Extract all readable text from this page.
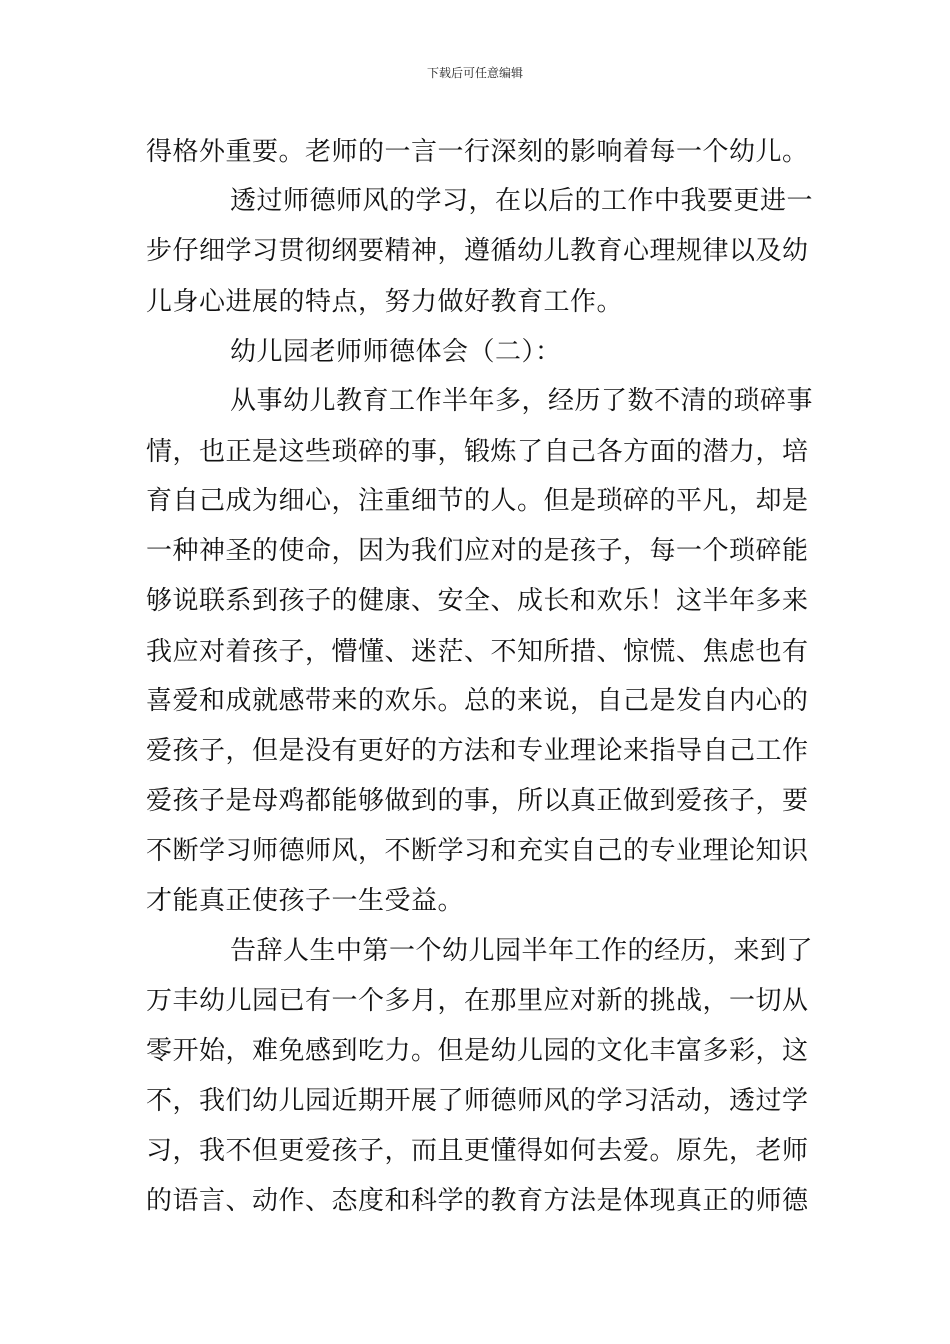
下载后可任意编辑
得格外重要。老师的一言一行深刻的影响着每一个幼儿。
透过师德师风的学习，在以后的工作中我要更进一
步仔细学习贯彻纲要精神，遵循幼儿教育心理规律以及幼
儿身心进展的特点，努力做好教育工作。
幼儿园老师师德体会（二）：
从事幼儿教育工作半年多，经历了数不清的琐碎事
情，也正是这些琐碎的事，锻炼了自己各方面的潜力，培
育自己成为细心，注重细节的人。但是琐碎的平凡，却是
一种神圣的使命，因为我们应对的是孩子，每一个琐碎能
够说联系到孩子的健康、安全、成长和欢乐！这半年多来
我应对着孩子，懵懂、迷茫、不知所措、惊慌、焦虑也有
喜爱和成就感带来的欢乐。总的来说，自己是发自内心的
爱孩子，但是没有更好的方法和专业理论来指导自己工作
爱孩子是母鸡都能够做到的事，所以真正做到爱孩子，要
不断学习师德师风，不断学习和充实自己的专业理论知识
才能真正使孩子一生受益。
告辞人生中第一个幼儿园半年工作的经历，来到了
万丰幼儿园已有一个多月，在那里应对新的挑战，一切从
零开始，难免感到吃力。但是幼儿园的文化丰富多彩，这
不，我们幼儿园近期开展了师德师风的学习活动，透过学
习，我不但更爱孩子，而且更懂得如何去爱。原先，老师
的语言、动作、态度和科学的教育方法是体现真正的师德
